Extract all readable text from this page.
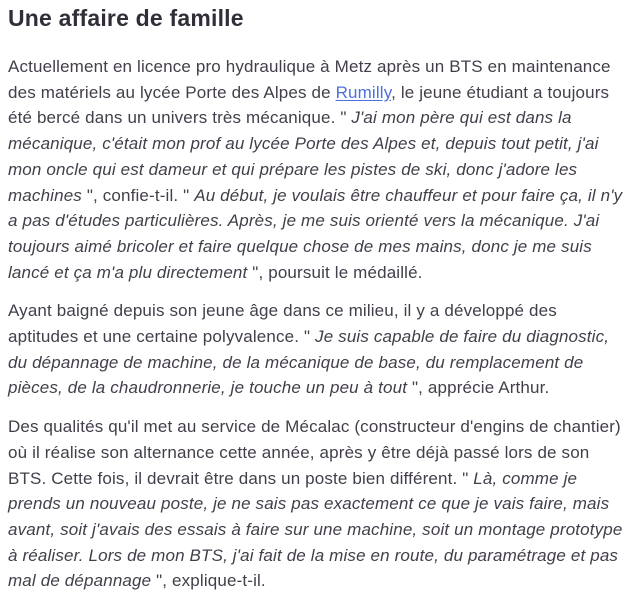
Une affaire de famille

Actuellement en licence pro hydraulique à Metz après un BTS en maintenance des matériels au lycée Porte des Alpes de Rumilly, le jeune étudiant a toujours été bercé dans un univers très mécanique. " J'ai mon père qui est dans la mécanique, c'était mon prof au lycée Porte des Alpes et, depuis tout petit, j'ai mon oncle qui est dameur et qui prépare les pistes de ski, donc j'adore les machines ", confie-t-il. " Au début, je voulais être chauffeur et pour faire ça, il n'y a pas d'études particulières. Après, je me suis orienté vers la mécanique. J'ai toujours aimé bricoler et faire quelque chose de mes mains, donc je me suis lancé et ça m'a plu directement ", poursuit le médaillé.

Ayant baigné depuis son jeune âge dans ce milieu, il y a développé des aptitudes et une certaine polyvalence. " Je suis capable de faire du diagnostic, du dépannage de machine, de la mécanique de base, du remplacement de pièces, de la chaudronnerie, je touche un peu à tout ", apprécie Arthur.

Des qualités qu'il met au service de Mécalac (constructeur d'engins de chantier) où il réalise son alternance cette année, après y être déjà passé lors de son BTS. Cette fois, il devrait être dans un poste bien différent. " Là, comme je prends un nouveau poste, je ne sais pas exactement ce que je vais faire, mais avant, soit j'avais des essais à faire sur une machine, soit un montage prototype à réaliser. Lors de mon BTS, j'ai fait de la mise en route, du paramétrage et pas mal de dépannage ", explique-t-il.
